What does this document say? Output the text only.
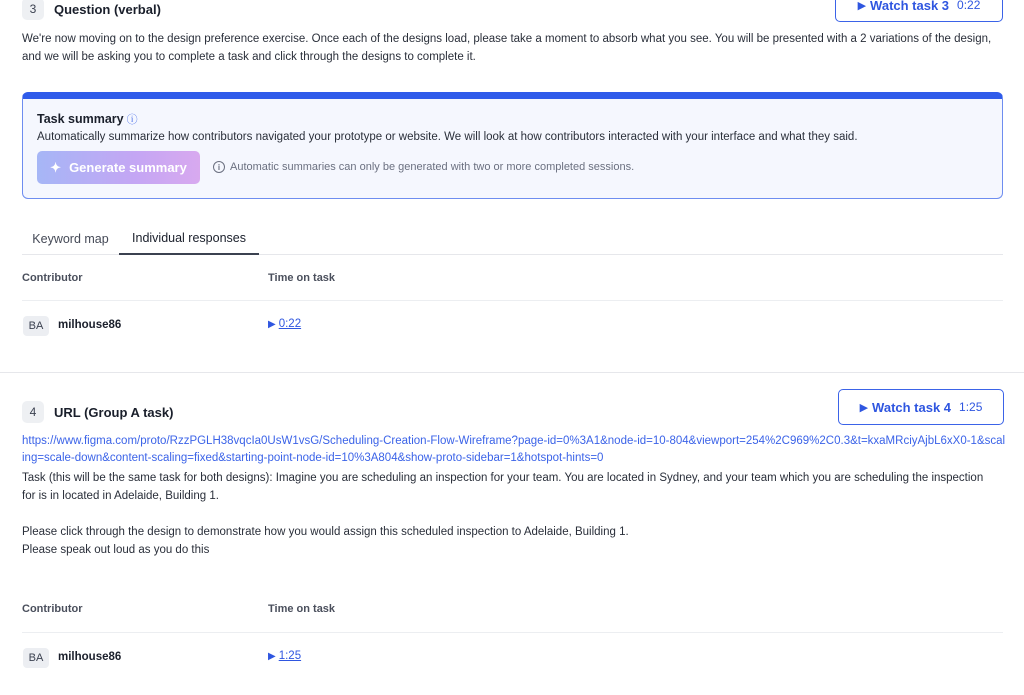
3	Question (verbal)	▶ Watch task 3 0:22
We're now moving on to the design preference exercise. Once each of the designs load, please take a moment to absorb what you see. You will be presented with a 2 variations of the design, and we will be asking you to complete a task and click through the designs to complete it.
Task summary ⓘ
Automatically summarize how contributors navigated your prototype or website. We will look at how contributors interacted with your interface and what they said.
✦ Generate summary	i Automatic summaries can only be generated with two or more completed sessions.
Keyword map	Individual responses
Contributor	Time on task
BA	milhouse86	▶ 0:22
4	URL (Group A task)	▶ Watch task 4 1:25
https://www.figma.com/proto/RzzPGLH38vqcIa0UsW1vsG/Scheduling-Creation-Flow-Wireframe?page-id=0%3A1&node-id=10-804&viewport=254%2C969%2C0.3&t=kxaMRciyAjbL6xX0-1&scaling=scale-down&content-scaling=fixed&starting-point-node-id=10%3A804&show-proto-sidebar=1&hotspot-hints=0
Task (this will be the same task for both designs): Imagine you are scheduling an inspection for your team. You are located in Sydney, and your team which you are scheduling the inspection for is in located in Adelaide, Building 1.
Please click through the design to demonstrate how you would assign this scheduled inspection to Adelaide, Building 1.
Please speak out loud as you do this
Contributor	Time on task
BA	milhouse86	▶ 1:25
